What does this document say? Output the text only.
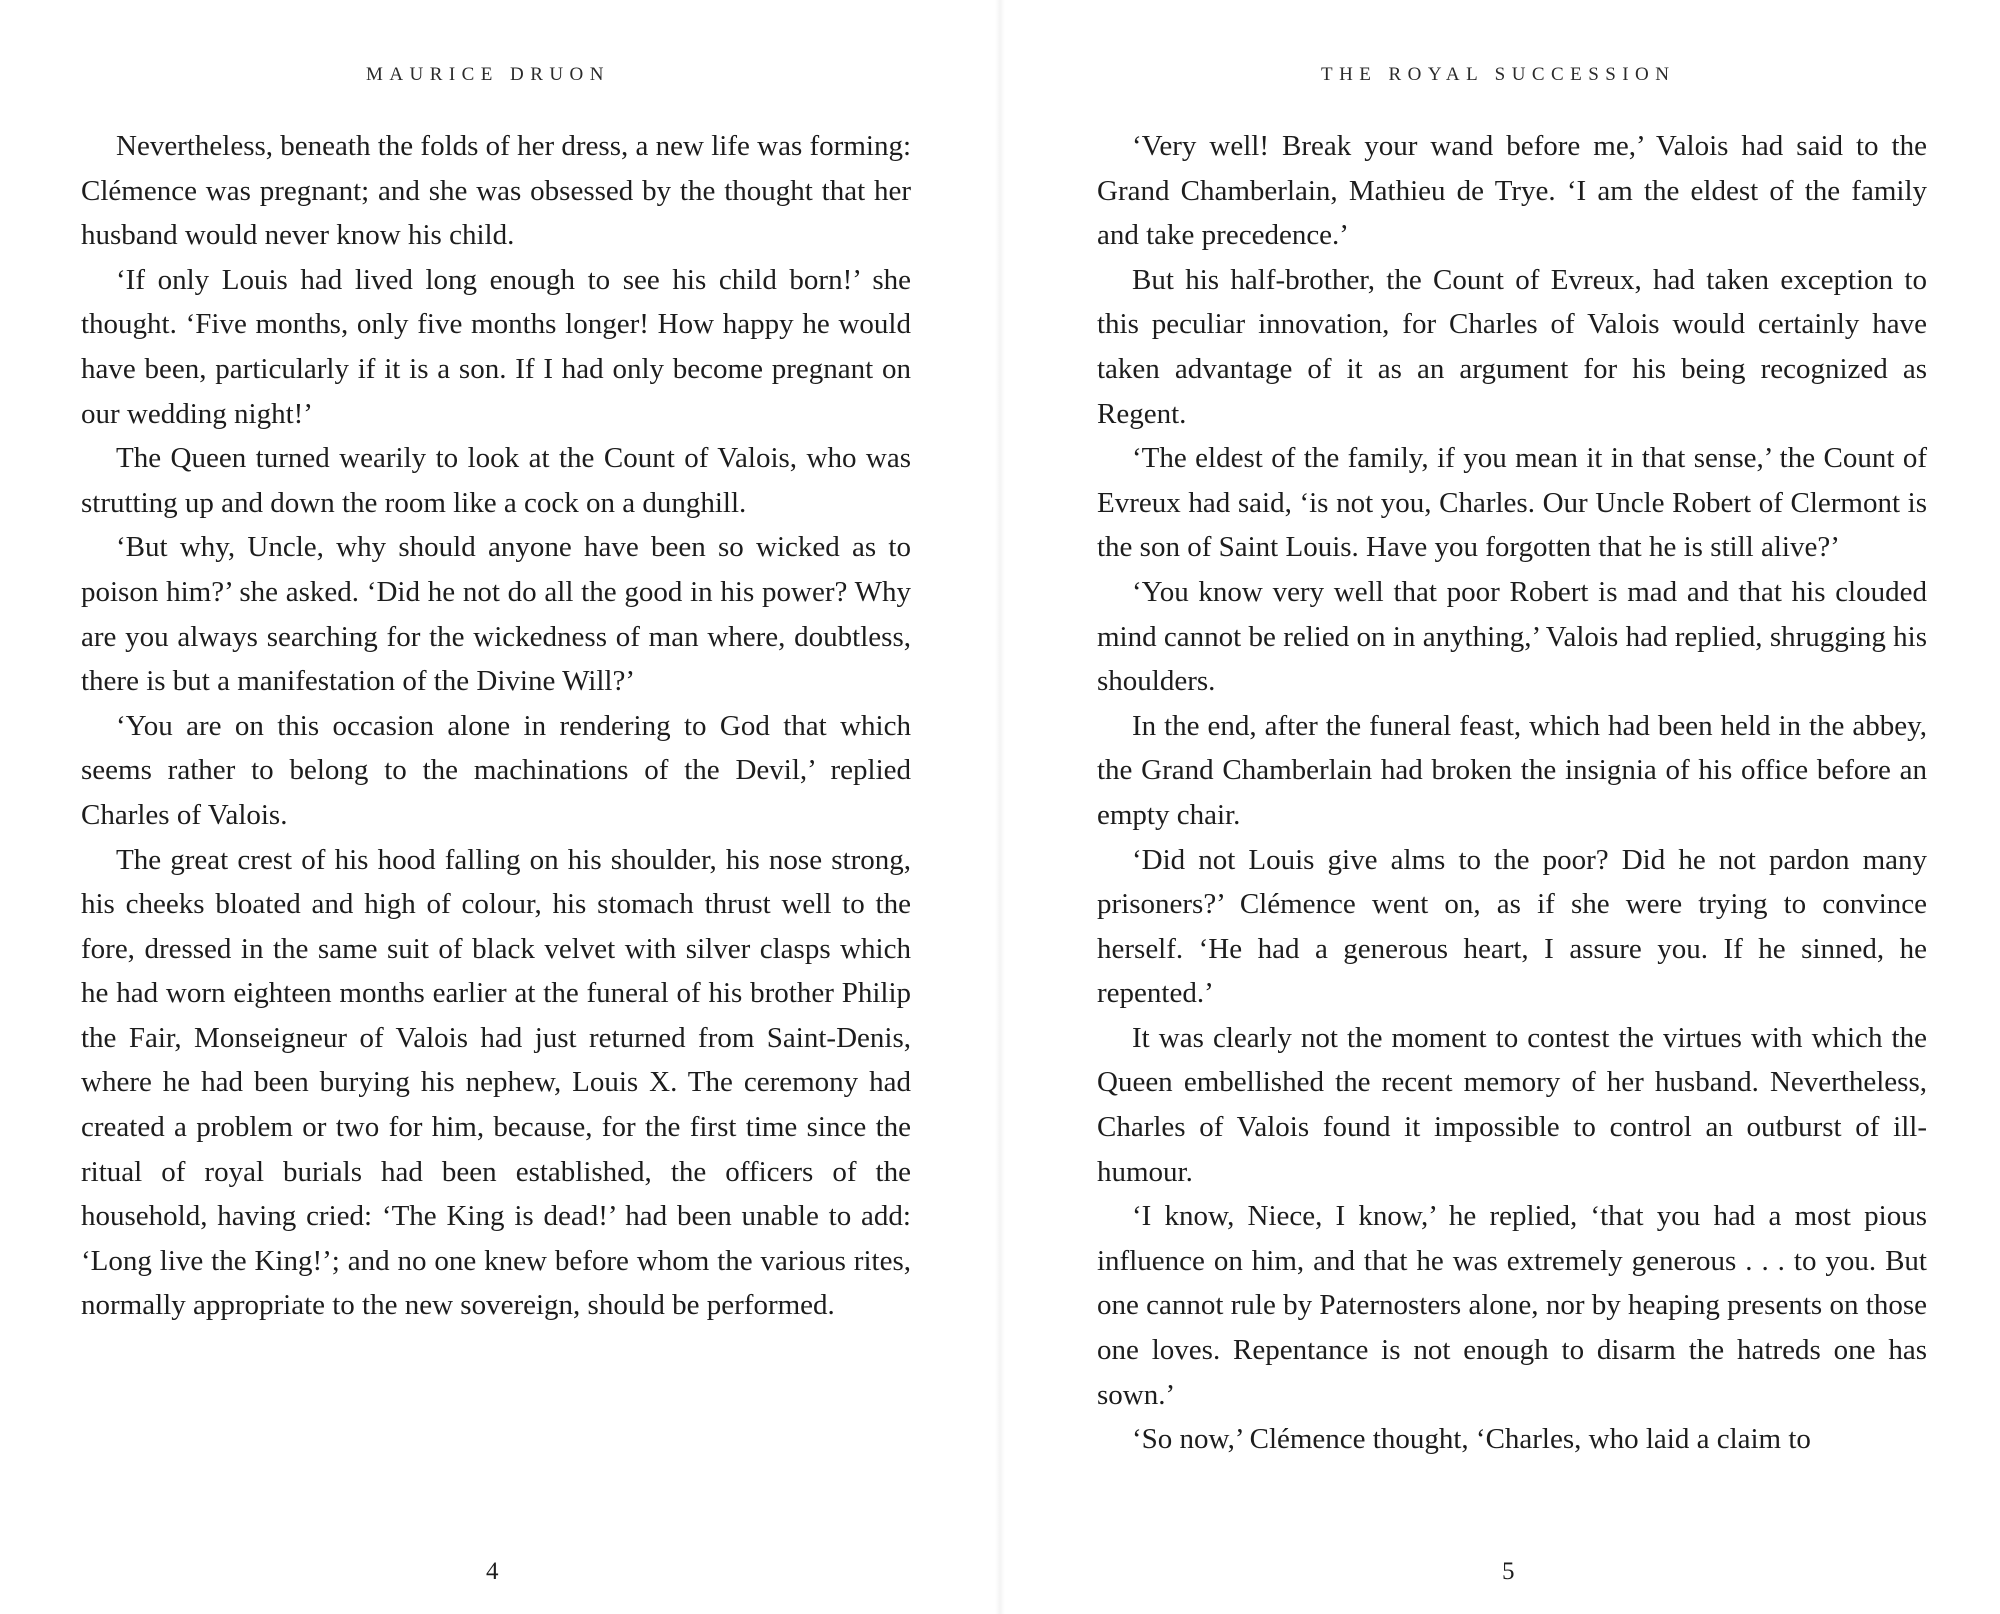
MAURICE DRUON

Nevertheless, beneath the folds of her dress, a new life was forming: Clémence was pregnant; and she was obsessed by the thought that her husband would never know his child.

‘If only Louis had lived long enough to see his child born!’ she thought. ‘Five months, only five months longer! How happy he would have been, particularly if it is a son. If I had only become pregnant on our wedding night!’

The Queen turned wearily to look at the Count of Valois, who was strutting up and down the room like a cock on a dunghill.

‘But why, Uncle, why should anyone have been so wicked as to poison him?’ she asked. ‘Did he not do all the good in his power? Why are you always searching for the wickedness of man where, doubtless, there is but a manifestation of the Divine Will?’

‘You are on this occasion alone in rendering to God that which seems rather to belong to the machinations of the Devil,’ replied Charles of Valois.

The great crest of his hood falling on his shoulder, his nose strong, his cheeks bloated and high of colour, his stomach thrust well to the fore, dressed in the same suit of black velvet with silver clasps which he had worn eighteen months earlier at the funeral of his brother Philip the Fair, Monseigneur of Valois had just returned from Saint-Denis, where he had been burying his nephew, Louis X. The ceremony had created a problem or two for him, because, for the first time since the ritual of royal burials had been established, the officers of the household, having cried: ‘The King is dead!’ had been unable to add: ‘Long live the King!’; and no one knew before whom the various rites, normally appropriate to the new sovereign, should be performed.

4
THE ROYAL SUCCESSION

‘Very well! Break your wand before me,’ Valois had said to the Grand Chamberlain, Mathieu de Trye. ‘I am the eldest of the family and take precedence.’

But his half-brother, the Count of Evreux, had taken exception to this peculiar innovation, for Charles of Valois would certainly have taken advantage of it as an argument for his being recognized as Regent.

‘The eldest of the family, if you mean it in that sense,’ the Count of Evreux had said, ‘is not you, Charles. Our Uncle Robert of Clermont is the son of Saint Louis. Have you forgotten that he is still alive?’

‘You know very well that poor Robert is mad and that his clouded mind cannot be relied on in anything,’ Valois had replied, shrugging his shoulders.

In the end, after the funeral feast, which had been held in the abbey, the Grand Chamberlain had broken the insignia of his office before an empty chair.

‘Did not Louis give alms to the poor? Did he not pardon many prisoners?’ Clémence went on, as if she were trying to convince herself. ‘He had a generous heart, I assure you. If he sinned, he repented.’

It was clearly not the moment to contest the virtues with which the Queen embellished the recent memory of her husband. Nevertheless, Charles of Valois found it impossible to control an outburst of ill-humour.

‘I know, Niece, I know,’ he replied, ‘that you had a most pious influence on him, and that he was extremely generous . . . to you. But one cannot rule by Paternosters alone, nor by heaping presents on those one loves. Repentance is not enough to disarm the hatreds one has sown.’

‘So now,’ Clémence thought, ‘Charles, who laid a claim to

5
